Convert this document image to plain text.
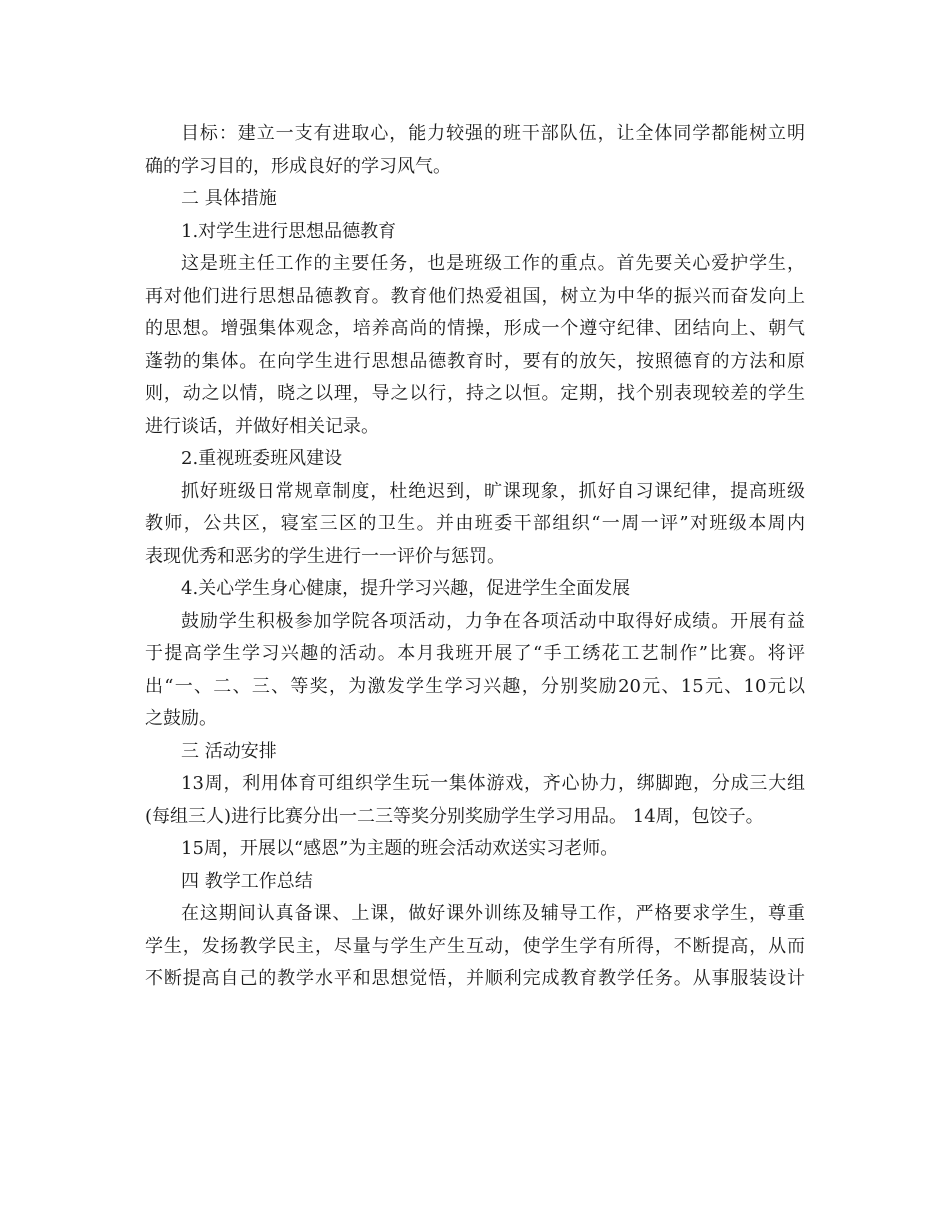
目标：建立一支有进取心，能力较强的班干部队伍，让全体同学都能树立明

确的学习目的，形成良好的学习风气。

二 具体措施

1.对学生进行思想品德教育

这是班主任工作的主要任务，也是班级工作的重点。首先要关心爱护学生，

再对他们进行思想品德教育。教育他们热爱祖国，树立为中华的振兴而奋发向上

的思想。增强集体观念，培养高尚的情操，形成一个遵守纪律、团结向上、朝气

蓬勃的集体。在向学生进行思想品德教育时，要有的放矢，按照德育的方法和原

则，动之以情，晓之以理，导之以行，持之以恒。定期，找个别表现较差的学生

进行谈话，并做好相关记录。

2.重视班委班风建设

抓好班级日常规章制度，杜绝迟到，旷课现象，抓好自习课纪律，提高班级

教师，公共区，寝室三区的卫生。并由班委干部组织“一周一评”对班级本周内

表现优秀和恶劣的学生进行一一评价与惩罚。

4.关心学生身心健康，提升学习兴趣，促进学生全面发展

鼓励学生积极参加学院各项活动，力争在各项活动中取得好成绩。开展有益

于提高学生学习兴趣的活动。本月我班开展了“手工绣花工艺制作”比赛。将评

出“一、二、三、等奖，为激发学生学习兴趣，分别奖励20元、15元、10元以

之鼓励。

三 活动安排

13周，利用体育可组织学生玩一集体游戏，齐心协力，绑脚跑，分成三大组

(每组三人)进行比赛分出一二三等奖分别奖励学生学习用品。 14周，包饺子。

15周，开展以“感恩”为主题的班会活动欢送实习老师。

四 教学工作总结

在这期间认真备课、上课，做好课外训练及辅导工作，严格要求学生，尊重

学生，发扬教学民主，尽量与学生产生互动，使学生学有所得，不断提高，从而

不断提高自己的教学水平和思想觉悟，并顺利完成教育教学任务。从事服装设计
